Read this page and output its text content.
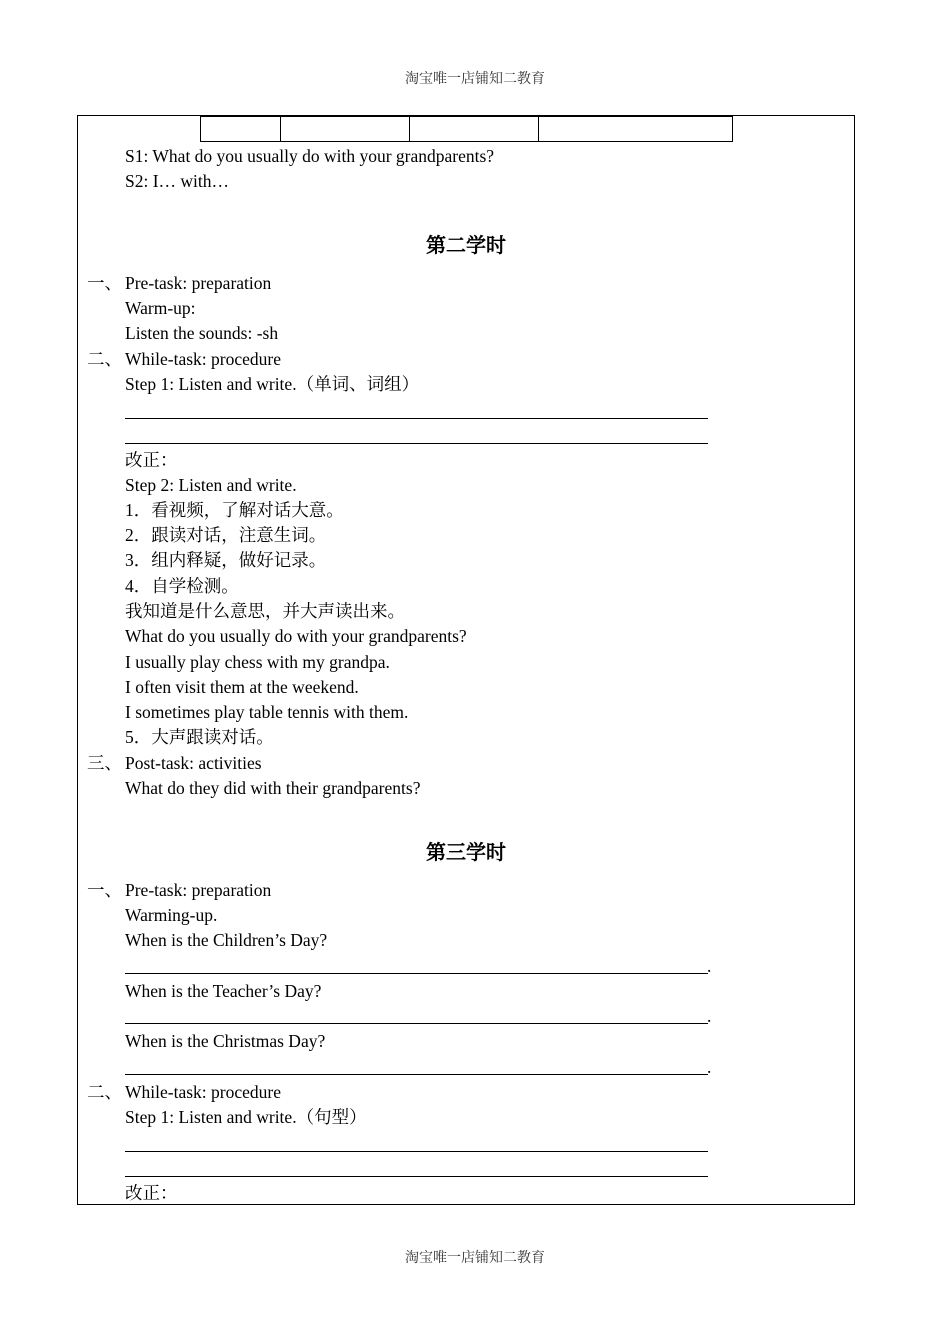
淘宝唯一店铺知二教育
S1: What do you usually do with your grandparents?
S2: I… with…
第二学时
一、 Pre-task: preparation
Warm-up:
Listen the sounds: -sh
二、 While-task: procedure
Step 1: Listen and write.（单词、词组）
改正：
Step 2: Listen and write.
1．看视频，了解对话大意。
2．跟读对话，注意生词。
3．组内释疑，做好记录。
4．自学检测。
我知道是什么意思，并大声读出来。
What do you usually do with your grandparents?
I usually play chess with my grandpa.
I often visit them at the weekend.
I sometimes play table tennis with them.
5．大声跟读对话。
三、 Post-task: activities
What do they did with their grandparents?
第三学时
一、 Pre-task: preparation
Warming-up.
When is the Children’s Day?
.
When is the Teacher’s Day?
.
When is the Christmas Day?
.
二、 While-task: procedure
Step 1: Listen and write.（句型）
改正：
淘宝唯一店铺知二教育
